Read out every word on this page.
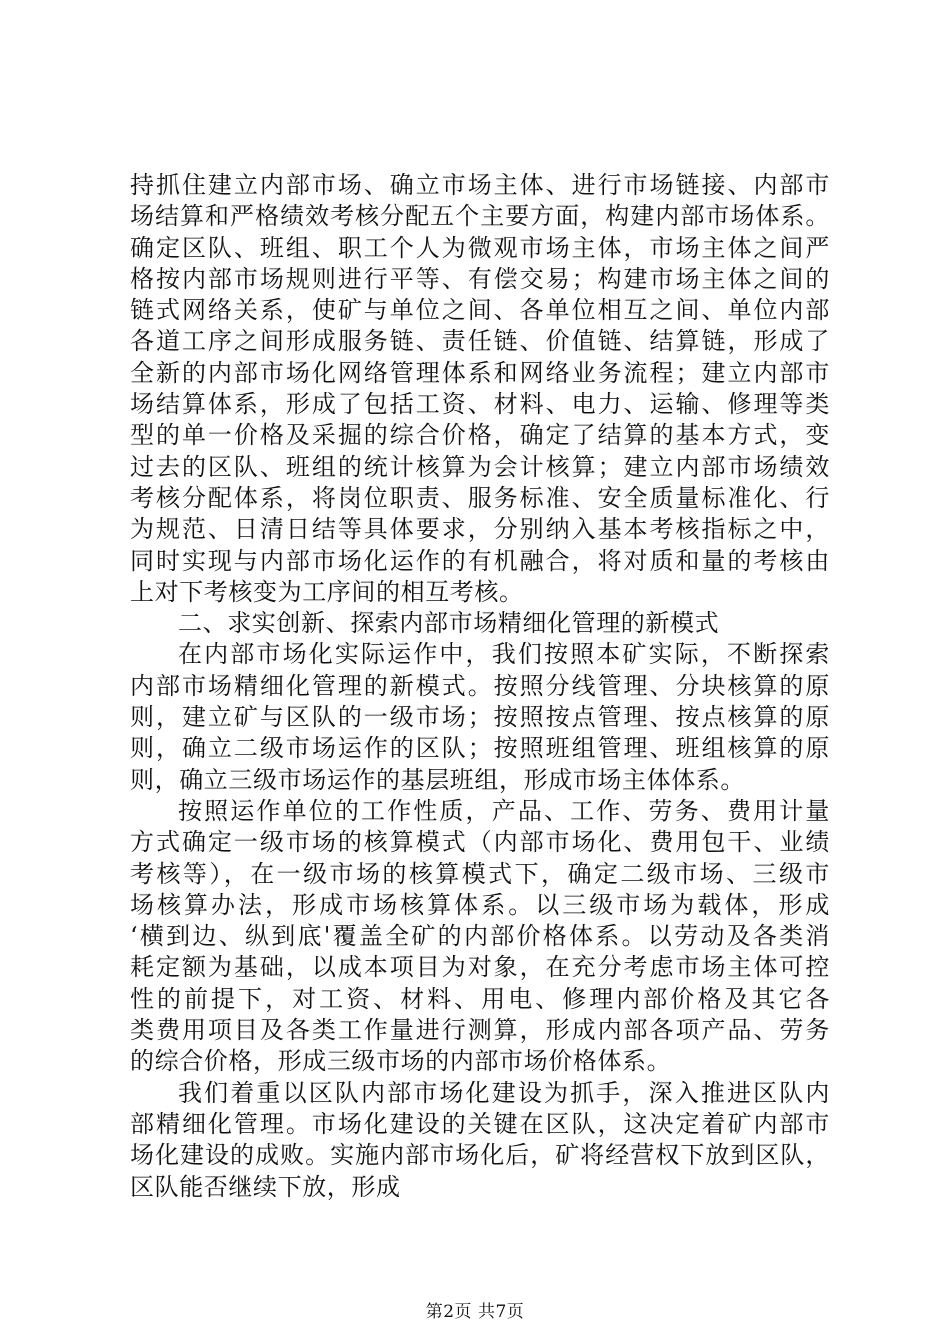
持抓住建立内部市场、确立市场主体、进行市场链接、内部市
场结算和严格绩效考核分配五个主要方面，构建内部市场体系。
确定区队、班组、职工个人为微观市场主体，市场主体之间严
格按内部市场规则进行平等、有偿交易；构建市场主体之间的
链式网络关系，使矿与单位之间、各单位相互之间、单位内部
各道工序之间形成服务链、责任链、价值链、结算链，形成了
全新的内部市场化网络管理体系和网络业务流程；建立内部市
场结算体系，形成了包括工资、材料、电力、运输、修理等类
型的单一价格及采掘的综合价格，确定了结算的基本方式，变
过去的区队、班组的统计核算为会计核算；建立内部市场绩效
考核分配体系，将岗位职责、服务标准、安全质量标准化、行
为规范、日清日结等具体要求，分别纳入基本考核指标之中，
同时实现与内部市场化运作的有机融合，将对质和量的考核由
上对下考核变为工序间的相互考核。
二、求实创新、探索内部市场精细化管理的新模式
在内部市场化实际运作中，我们按照本矿实际，不断探索
内部市场精细化管理的新模式。按照分线管理、分块核算的原
则，建立矿与区队的一级市场；按照按点管理、按点核算的原
则，确立二级市场运作的区队；按照班组管理、班组核算的原
则，确立三级市场运作的基层班组，形成市场主体体系。
按照运作单位的工作性质，产品、工作、劳务、费用计量
方式确定一级市场的核算模式（内部市场化、费用包干、业绩
考核等），在一级市场的核算模式下，确定二级市场、三级市
场核算办法，形成市场核算体系。以三级市场为载体，形成
‘横到边、纵到底'覆盖全矿的内部价格体系。以劳动及各类消
耗定额为基础，以成本项目为对象，在充分考虑市场主体可控
性的前提下，对工资、材料、用电、修理内部价格及其它各
类费用项目及各类工作量进行测算，形成内部各项产品、劳务
的综合价格，形成三级市场的内部市场价格体系。
我们着重以区队内部市场化建设为抓手，深入推进区队内
部精细化管理。市场化建设的关键在区队，这决定着矿内部市
场化建设的成败。实施内部市场化后，矿将经营权下放到区队，
区队能否继续下放，形成
第2页 共7页
